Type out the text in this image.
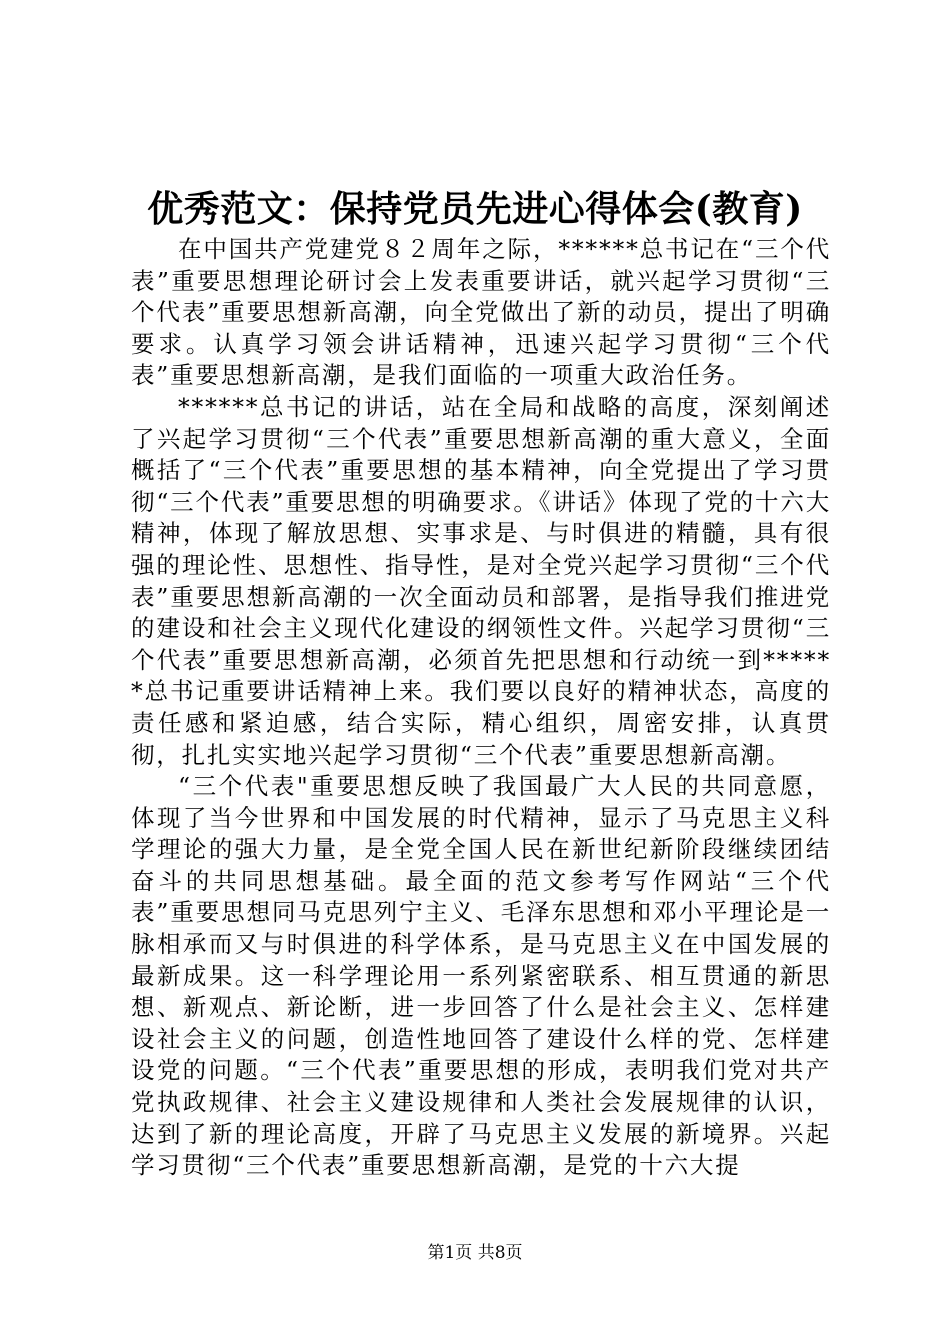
优秀范文：保持党员先进心得体会(教育)

在中国共产党建党８２周年之际，******总书记在“三个代表”重要思想理论研讨会上发表重要讲话，就兴起学习贯彻“三个代表”重要思想新高潮，向全党做出了新的动员，提出了明确要求。认真学习领会讲话精神，迅速兴起学习贯彻“三个代表”重要思想新高潮，是我们面临的一项重大政治任务。

******总书记的讲话，站在全局和战略的高度，深刻阐述了兴起学习贯彻“三个代表”重要思想新高潮的重大意义，全面概括了“三个代表”重要思想的基本精神，向全党提出了学习贯彻“三个代表”重要思想的明确要求。《讲话》体现了党的十六大精神，体现了解放思想、实事求是、与时俱进的精髓，具有很强的理论性、思想性、指导性，是对全党兴起学习贯彻“三个代表”重要思想新高潮的一次全面动员和部署，是指导我们推进党的建设和社会主义现代化建设的纲领性文件。兴起学习贯彻“三个代表”重要思想新高潮，必须首先把思想和行动统一到******总书记重要讲话精神上来。我们要以良好的精神状态，高度的责任感和紧迫感，结合实际，精心组织，周密安排，认真贯彻，扎扎实实地兴起学习贯彻“三个代表”重要思想新高潮。

“三个代表"重要思想反映了我国最广大人民的共同意愿，体现了当今世界和中国发展的时代精神，显示了马克思主义科学理论的强大力量，是全党全国人民在新世纪新阶段继续团结奋斗的共同思想基础。最全面的范文参考写作网站“三个代表”重要思想同马克思列宁主义、毛泽东思想和邓小平理论是一脉相承而又与时俱进的科学体系，是马克思主义在中国发展的最新成果。这一科学理论用一系列紧密联系、相互贯通的新思想、新观点、新论断，进一步回答了什么是社会主义、怎样建设社会主义的问题，创造性地回答了建设什么样的党、怎样建设党的问题。“三个代表”重要思想的形成，表明我们党对共产党执政规律、社会主义建设规律和人类社会发展规律的认识，达到了新的理论高度，开辟了马克思主义发展的新境界。兴起学习贯彻“三个代表”重要思想新高潮，是党的十六大提

第1页 共8页
